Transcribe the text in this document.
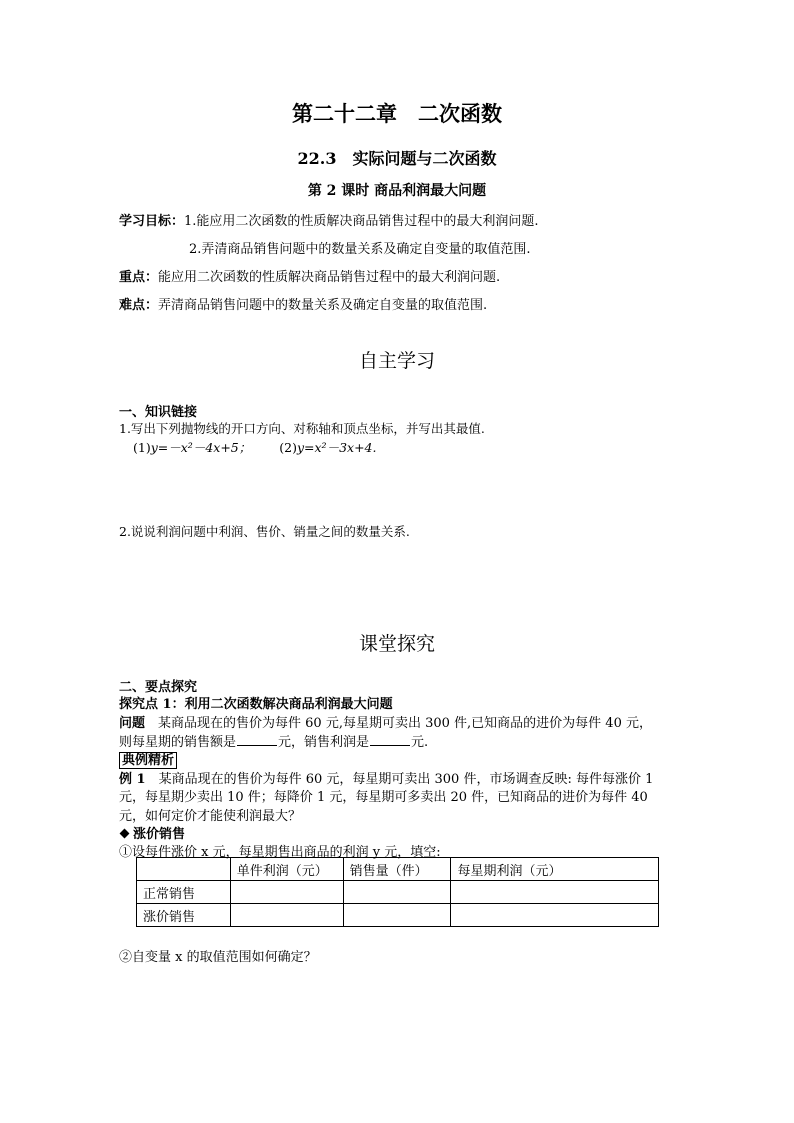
第二十二章　二次函数
22.3　实际问题与二次函数
第 2 课时 商品利润最大问题
学习目标：1.能应用二次函数的性质解决商品销售过程中的最大利润问题.
2.弄清商品销售问题中的数量关系及确定自变量的取值范围.
重点：能应用二次函数的性质解决商品销售过程中的最大利润问题.
难点：弄清商品销售问题中的数量关系及确定自变量的取值范围.
自主学习
一、知识链接
1.写出下列抛物线的开口方向、对称轴和顶点坐标，并写出其最值.
(1)y=－x²－4x+5； (2)y=x²－3x+4.
2.说说利润问题中利润、售价、销量之间的数量关系.
课堂探究
二、要点探究
探究点 1：利用二次函数解决商品利润最大问题
问题　某商品现在的售价为每件 60 元,每星期可卖出 300 件,已知商品的进价为每件 40 元，
则每星期的销售额是	元，销售利润是	元.
典例精析
例 1　某商品现在的售价为每件 60 元，每星期可卖出 300 件，市场调查反映: 每件每涨价 1
元，每星期少卖出 10 件；每降价 1 元，每星期可多卖出 20 件，已知商品的进价为每件 40
元，如何定价才能使利润最大？
涨价销售
①设每件涨价 x 元，每星期售出商品的利润 y 元，填空:
	单件利润（元）	销售量（件）	每星期利润（元）
正常销售			
涨价销售			
②自变量 x 的取值范围如何确定？
